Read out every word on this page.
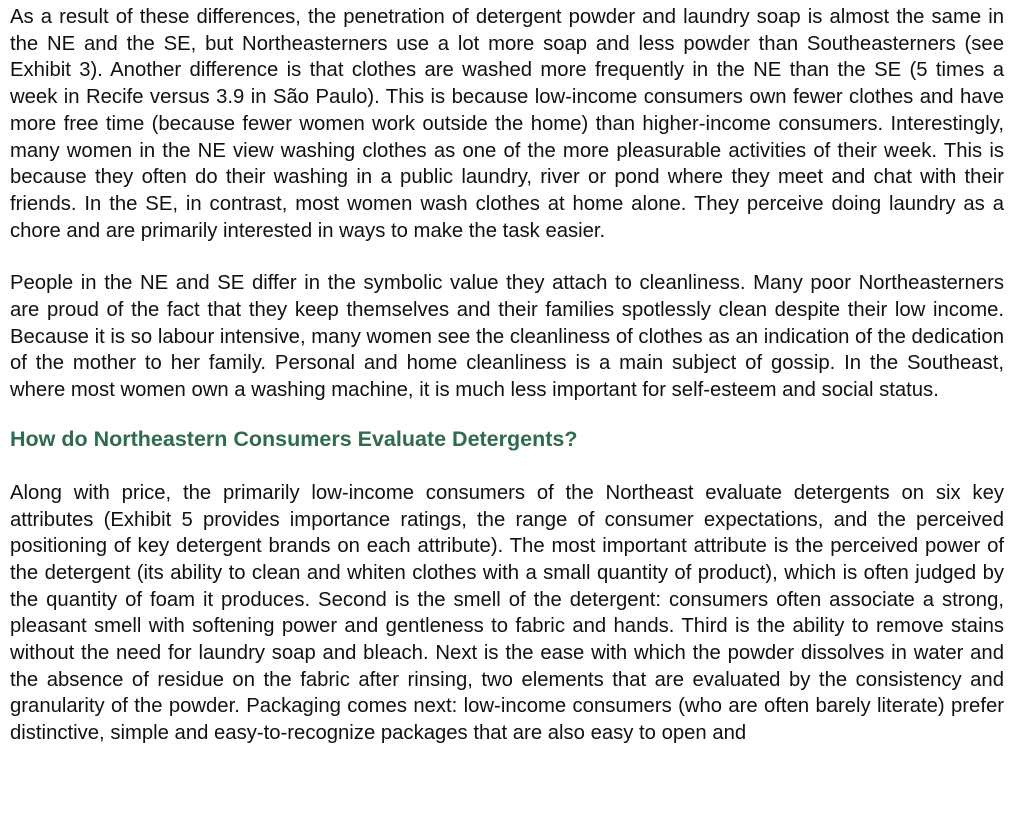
As a result of these differences, the penetration of detergent powder and laundry soap is almost the same in the NE and the SE, but Northeasterners use a lot more soap and less powder than Southeasterners (see Exhibit 3). Another difference is that clothes are washed more frequently in the NE than the SE (5 times a week in Recife versus 3.9 in São Paulo). This is because low-income consumers own fewer clothes and have more free time (because fewer women work outside the home) than higher-income consumers. Interestingly, many women in the NE view washing clothes as one of the more pleasurable activities of their week. This is because they often do their washing in a public laundry, river or pond where they meet and chat with their friends. In the SE, in contrast, most women wash clothes at home alone. They perceive doing laundry as a chore and are primarily interested in ways to make the task easier.

People in the NE and SE differ in the symbolic value they attach to cleanliness. Many poor Northeasterners are proud of the fact that they keep themselves and their families spotlessly clean despite their low income. Because it is so labour intensive, many women see the cleanliness of clothes as an indication of the dedication of the mother to her family. Personal and home cleanliness is a main subject of gossip. In the Southeast, where most women own a washing machine, it is much less important for self-esteem and social status.

How do Northeastern Consumers Evaluate Detergents?

Along with price, the primarily low-income consumers of the Northeast evaluate detergents on six key attributes (Exhibit 5 provides importance ratings, the range of consumer expectations, and the perceived positioning of key detergent brands on each attribute). The most important attribute is the perceived power of the detergent (its ability to clean and whiten clothes with a small quantity of product), which is often judged by the quantity of foam it produces. Second is the smell of the detergent: consumers often associate a strong, pleasant smell with softening power and gentleness to fabric and hands. Third is the ability to remove stains without the need for laundry soap and bleach. Next is the ease with which the powder dissolves in water and the absence of residue on the fabric after rinsing, two elements that are evaluated by the consistency and granularity of the powder. Packaging comes next: low-income consumers (who are often barely literate) prefer distinctive, simple and easy-to-recognize packages that are also easy to open and
